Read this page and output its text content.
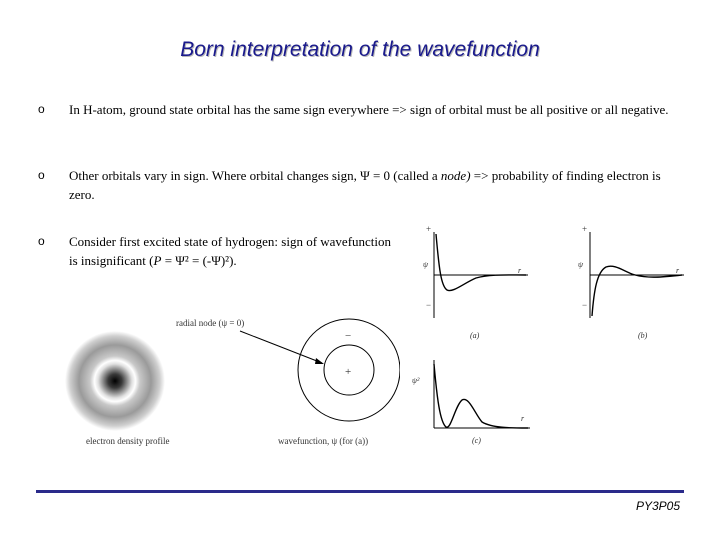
Born interpretation of the wavefunction
o In H-atom, ground state orbital has the same sign everywhere => sign of orbital must be all positive or all negative.
o Other orbitals vary in sign. Where orbital changes sign, Ψ = 0 (called a node) => probability of finding electron is zero.
o Consider first excited state of hydrogen: sign of wavefunction is insignificant (P = Ψ² = (-Ψ)²).
radial node (ψ = 0)
electron density profile	wavefunction, ψ (for (a))
−
+
+
−
ψ
r
(a)
+
−
ψ
r
(b)
ψ²
r
(c)
PY3P05
